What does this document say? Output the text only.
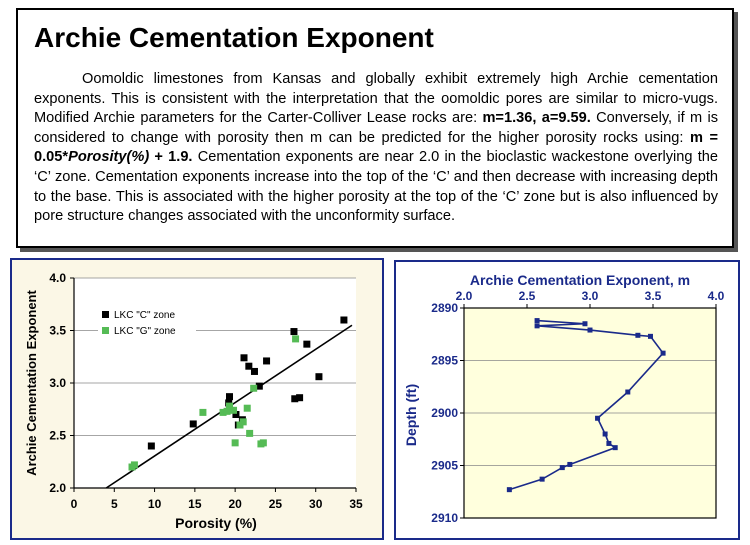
Archie Cementation Exponent

Oomoldic limestones from Kansas and globally exhibit extremely high Archie cementation exponents. This is consistent with the interpretation that the oomoldic pores are similar to micro-vugs. Modified Archie parameters for the Carter-Colliver Lease rocks are: m=1.36, a=9.59. Conversely, if m is considered to change with porosity then m can be predicted for the higher porosity rocks using: m = 0.05*Porosity(%) + 1.9. Cementation exponents are near 2.0 in the bioclastic wackestone overlying the ‘C’ zone. Cementation exponents increase into the top of the ‘C’ and then decrease with increasing depth to the base. This is associated with the higher porosity at the top of the ‘C’ zone but is also influenced by pore structure changes associated with the unconformity surface.

2.0
2.5
3.0
3.5
4.0
0	5	10 15 20 25 30 35
LKC "C" zone
LKC "G" zone
Porosity (%)
Archie Cementation Exponent
Archie Cementation Exponent, m
2890
2895
2900
2905
2910
2.0	2.5	3.0	3.5	4.0
Depth (ft)
